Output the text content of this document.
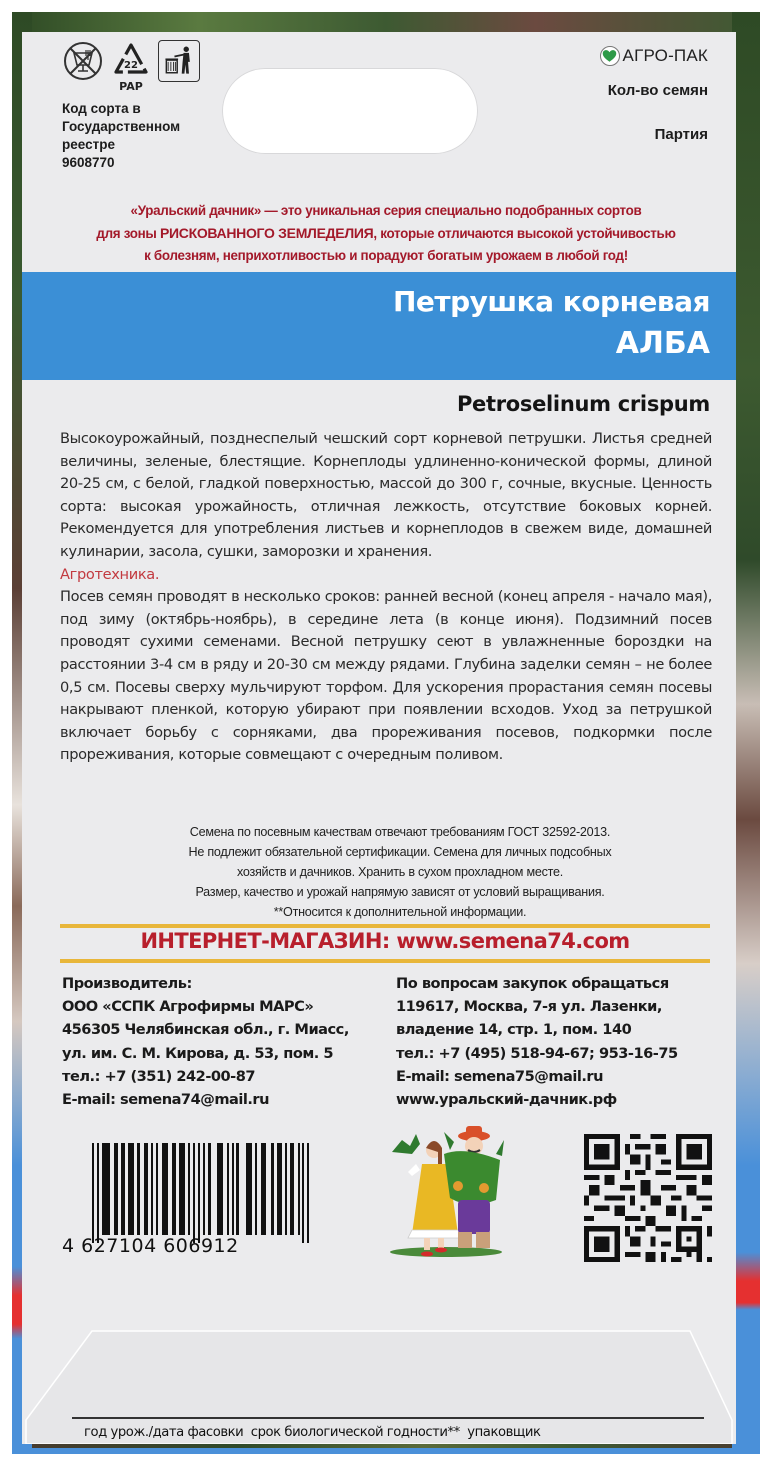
22
PAP
Код сорта в
Государственном
реестре
9608770
АГРО-ПАК
Кол-во семян
Партия
«Уральский дачник» — это уникальная серия специально подобранных сортов
для зоны РИСКОВАННОГО ЗЕМЛЕДЕЛИЯ, которые отличаются высокой устойчивостью
к болезням, неприхотливостью и порадуют богатым урожаем в любой год!
Петрушка корневая
АЛБА
Petroselinum crispum
Высокоурожайный, позднеспелый чешский сорт корневой петрушки. Листья средней величины, зеленые, блестящие. Корнеплоды удлиненно-конической формы, длиной 20-25 см, с белой, гладкой поверхностью, массой до 300 г, сочные, вкусные. Ценность сорта: высокая урожайность, отличная лежкость, отсутствие боковых корней. Рекомендуется для употребления листьев и корнеплодов в свежем виде, домашней кулинарии, засола, сушки, заморозки и хранения.
Агротехника.
Посев семян проводят в несколько сроков: ранней весной (конец апреля - начало мая), под зиму (октябрь-ноябрь), в середине лета (в конце июня). Подзимний посев проводят сухими семенами. Весной петрушку сеют в увлажненные бороздки на расстоянии 3-4 см в ряду и 20-30 см между рядами. Глубина заделки семян – не более 0,5 см. Посевы сверху мульчируют торфом. Для ускорения прорастания семян посевы накрывают пленкой, которую убирают при появлении всходов. Уход за петрушкой включает борьбу с сорняками, два прореживания посевов, подкормки после прореживания, которые совмещают с очередным поливом.
Семена по посевным качествам отвечают требованиям ГОСТ 32592-2013.
Не подлежит обязательной сертификации. Семена для личных подсобных
хозяйств и дачников. Хранить в сухом прохладном месте.
Размер, качество и урожай напрямую зависят от условий выращивания.
**Относится к дополнительной информации.
ИНТЕРНЕТ-МАГАЗИН: www.semena74.com
Производитель:
ООО «ССПК Агрофирмы МАРС»
456305 Челябинская обл., г. Миасс,
ул. им. С. М. Кирова, д. 53, пом. 5
тел.: +7 (351) 242-00-87
E-mail: semena74@mail.ru
По вопросам закупок обращаться
119617, Москва, 7-я ул. Лазенки,
владение 14, стр. 1, пом. 140
тел.: +7 (495) 518-94-67; 953-16-75
E-mail: semena75@mail.ru
www.уральский-дачник.рф
4 627104 606912
год урож./дата фасовки  срок биологической годности**  упаковщик
